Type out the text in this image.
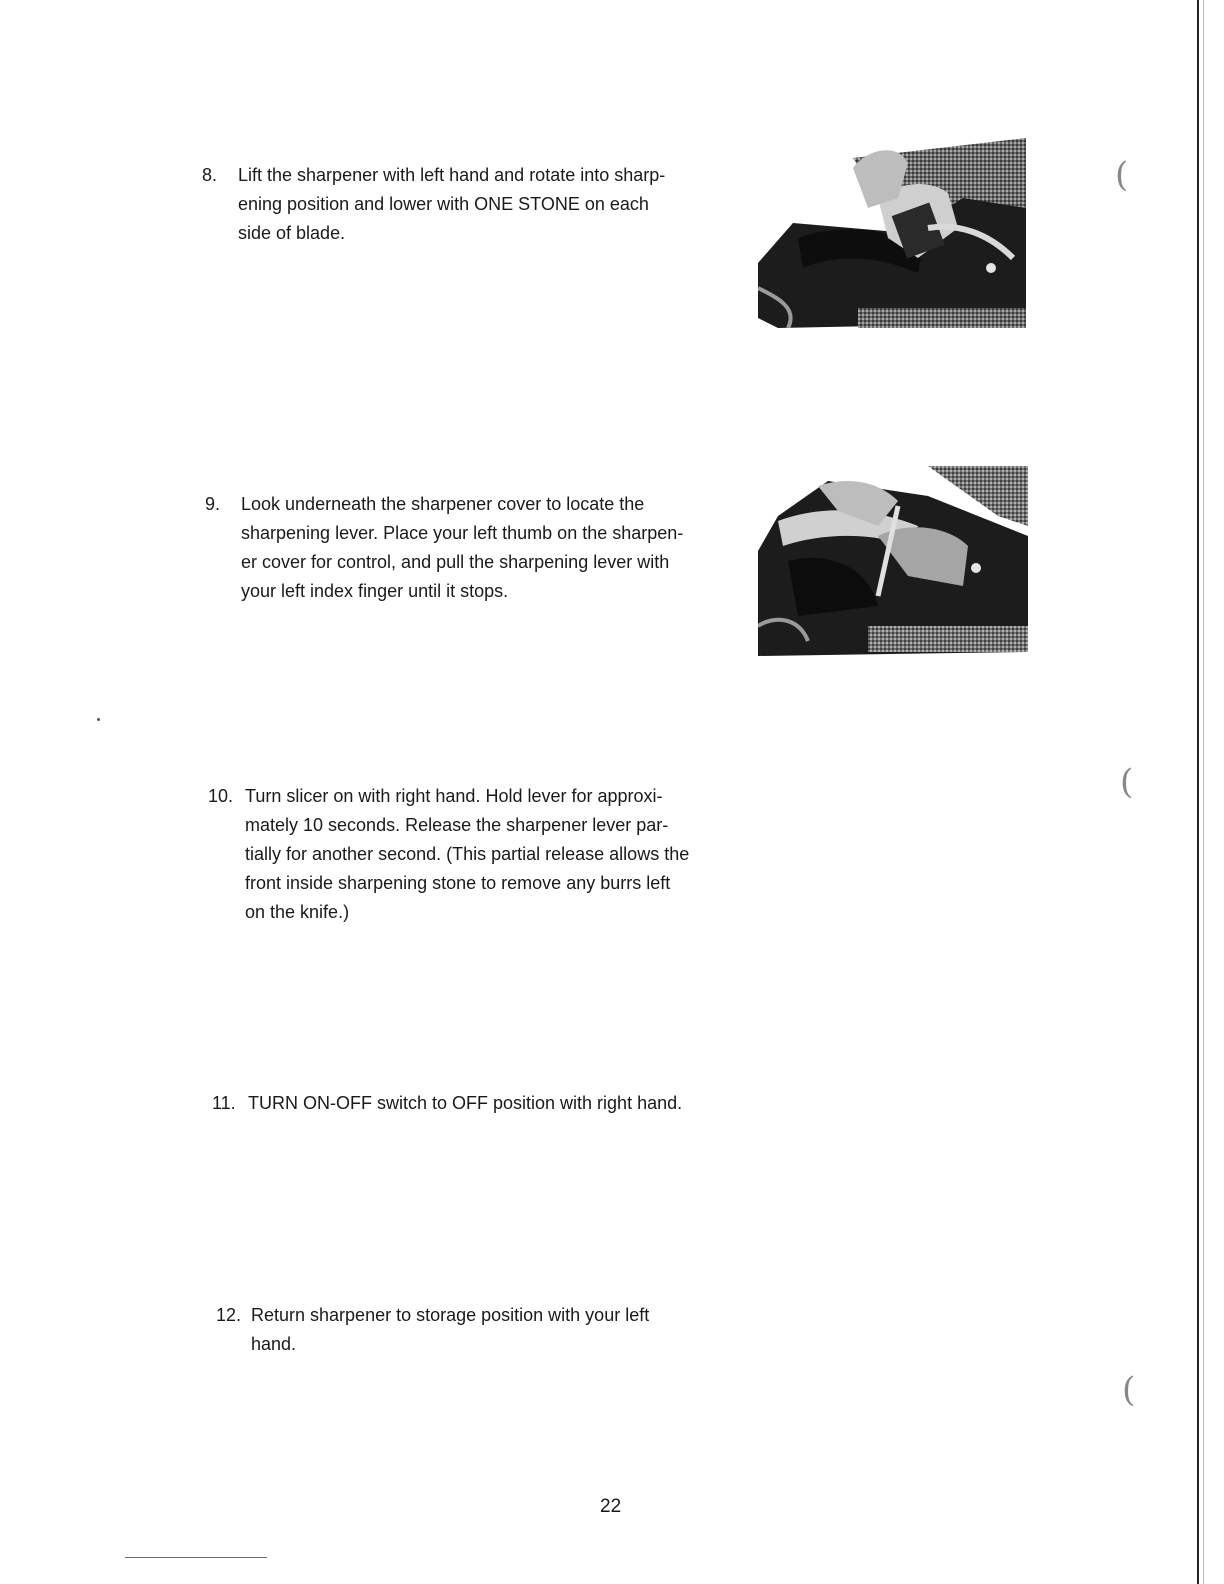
8. Lift the sharpener with left hand and rotate into sharp-
ening position and lower with ONE STONE on each
side of blade.
9. Look underneath the sharpener cover to locate the
sharpening lever. Place your left thumb on the sharpen-
er cover for control, and pull the sharpening lever with
your left index finger until it stops.
10. Turn slicer on with right hand. Hold lever for approxi-
mately 10 seconds. Release the sharpener lever par-
tially for another second. (This partial release allows the
front inside sharpening stone to remove any burrs left
on the knife.)
11. TURN ON-OFF switch to OFF position with right hand.
12. Return sharpener to storage position with your left
hand.
(
(
(
22
